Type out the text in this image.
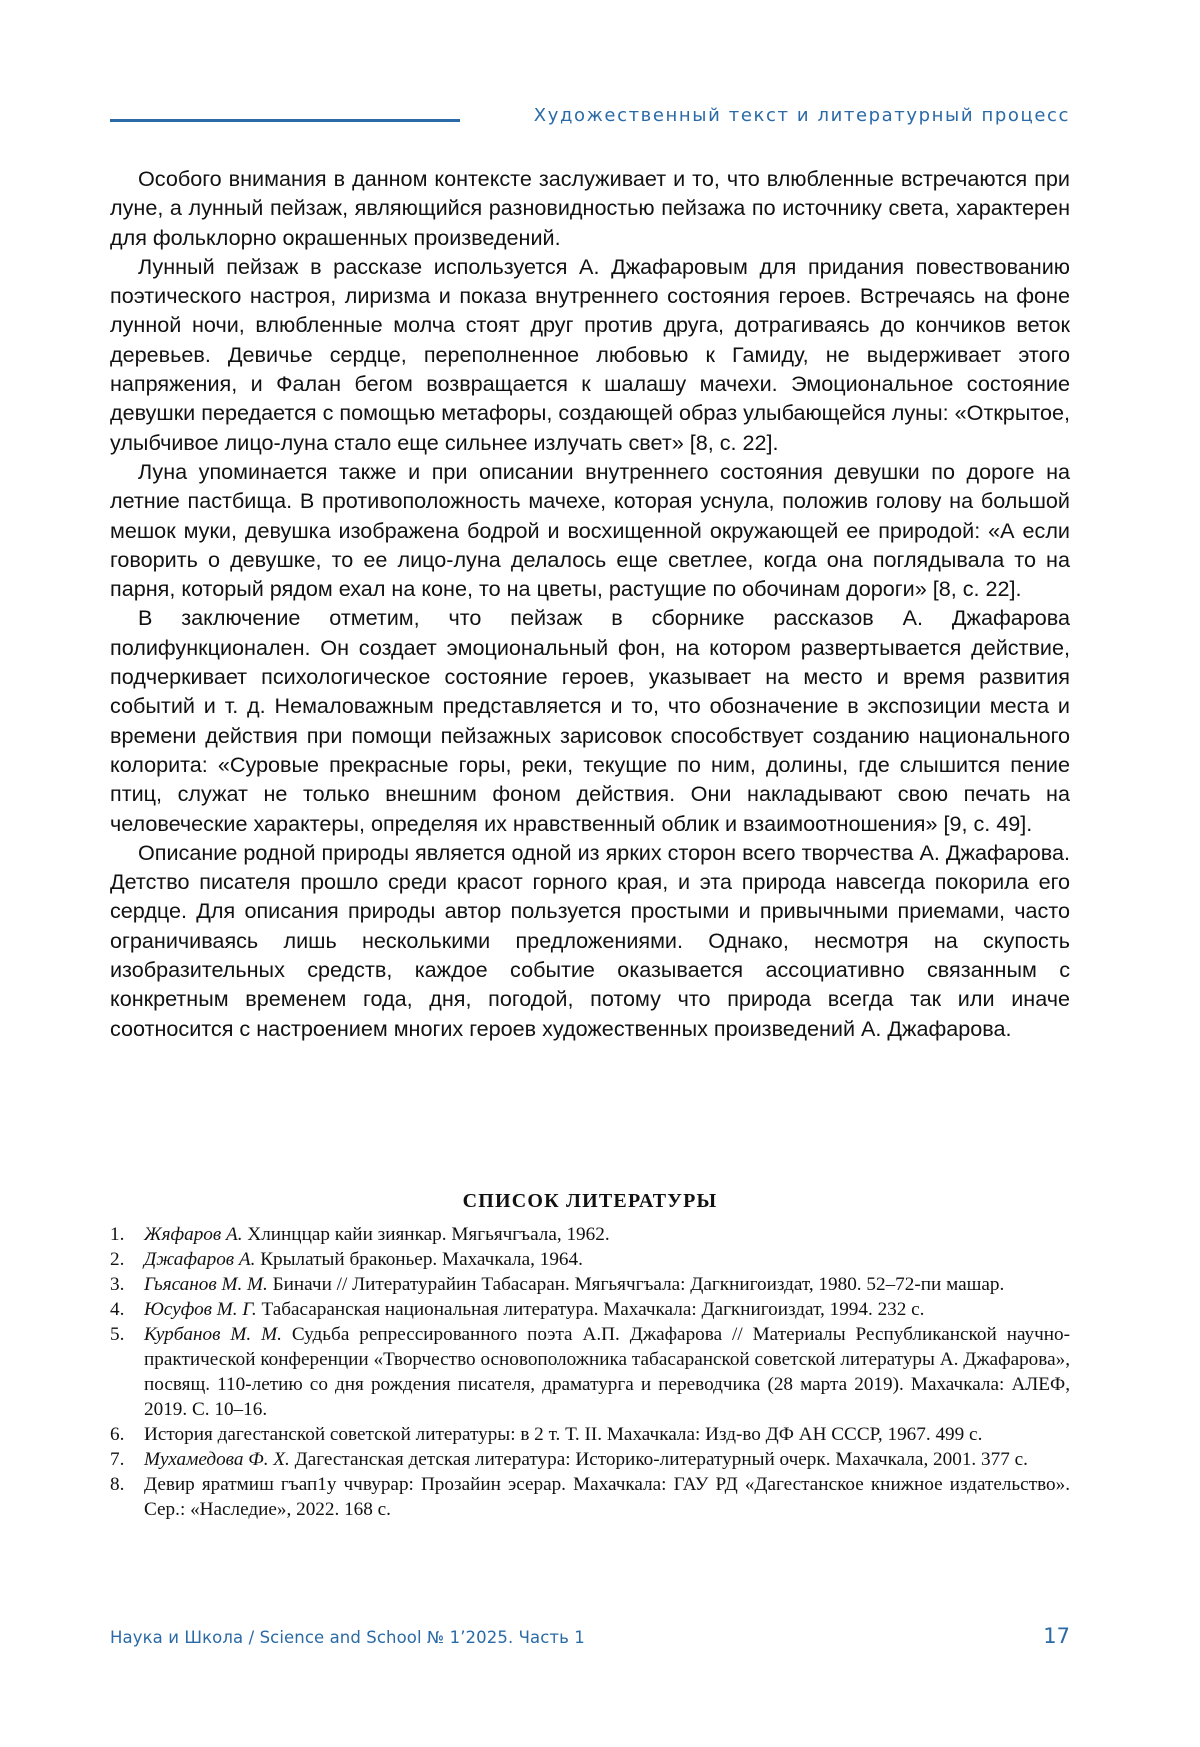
Художественный текст и литературный процесс

Особого внимания в данном контексте заслуживает и то, что влюбленные встречаются при луне, а лунный пейзаж, являющийся разновидностью пейзажа по источнику света, характерен для фольклорно окрашенных произведений.

Лунный пейзаж в рассказе используется А. Джафаровым для придания повествованию поэтического настроя, лиризма и показа внутреннего состояния героев. Встречаясь на фоне лунной ночи, влюбленные молча стоят друг против друга, дотрагиваясь до кончиков веток деревьев. Девичье сердце, переполненное любовью к Гамиду, не выдерживает этого напряжения, и Фалан бегом возвращается к шалашу мачехи. Эмоциональное состояние девушки передается с помощью метафоры, создающей образ улыбающейся луны: «Открытое, улыбчивое лицо-луна стало еще сильнее излучать свет» [8, с. 22].

Луна упоминается также и при описании внутреннего состояния девушки по дороге на летние пастбища. В противоположность мачехе, которая уснула, положив голову на большой мешок муки, девушка изображена бодрой и восхищенной окружающей ее природой: «А если говорить о девушке, то ее лицо-луна делалось еще светлее, когда она поглядывала то на парня, который рядом ехал на коне, то на цветы, растущие по обочинам дороги» [8, с. 22].

В заключение отметим, что пейзаж в сборнике рассказов А. Джафарова полифункционален. Он создает эмоциональный фон, на котором развертывается действие, подчеркивает психологическое состояние героев, указывает на место и время развития событий и т. д. Немаловажным представляется и то, что обозначение в экспозиции места и времени действия при помощи пейзажных зарисовок способствует созданию национального колорита: «Суровые прекрасные горы, реки, текущие по ним, долины, где слышится пение птиц, служат не только внешним фоном действия. Они накладывают свою печать на человеческие характеры, определяя их нравственный облик и взаимоотношения» [9, с. 49].

Описание родной природы является одной из ярких сторон всего творчества А. Джафарова. Детство писателя прошло среди красот горного края, и эта природа навсегда покорила его сердце. Для описания природы автор пользуется простыми и привычными приемами, часто ограничиваясь лишь несколькими предложениями. Однако, несмотря на скупость изобразительных средств, каждое событие оказывается ассоциативно связанным с конкретным временем года, дня, погодой, потому что природа всегда так или иначе соотносится с настроением многих героев художественных произведений А. Джафарова.

СПИСОК ЛИТЕРАТУРЫ
1. Жяфаров А. Хлинццар кайи зиянкар. Мягьячгъала, 1962.
2. Джафаров А. Крылатый браконьер. Махачкала, 1964.
3. Гьясанов М. М. Биначи // Литературайин Табасаран. Мягьячгъала: Дагкнигоиздат, 1980. 52–72-пи машар.
4. Юсуфов М. Г. Табасаранская национальная литература. Махачкала: Дагкнигоиздат, 1994. 232 с.
5. Курбанов М. М. Судьба репрессированного поэта А.П. Джафарова // Материалы Республиканской научно-практической конференции «Творчество основоположника табасаранской советской литературы А. Джафарова», посвящ. 110-летию со дня рождения писателя, драматурга и переводчика (28 марта 2019). Махачкала: АЛЕФ, 2019. С. 10–16.
6. История дагестанской советской литературы: в 2 т. Т. II. Махачкала: Изд-во ДФ АН СССР, 1967. 499 с.
7. Мухамедова Ф. Х. Дагестанская детская литература: Историко-литературный очерк. Махачкала, 2001. 377 с.
8. Девир яратмиш гъап1у ччвурар: Прозайин эсерар. Махачкала: ГАУ РД «Дагестанское книжное издательство». Сер.: «Наследие», 2022. 168 с.
Наука и Школа / Science and School № 1’2025. Часть 1	17
